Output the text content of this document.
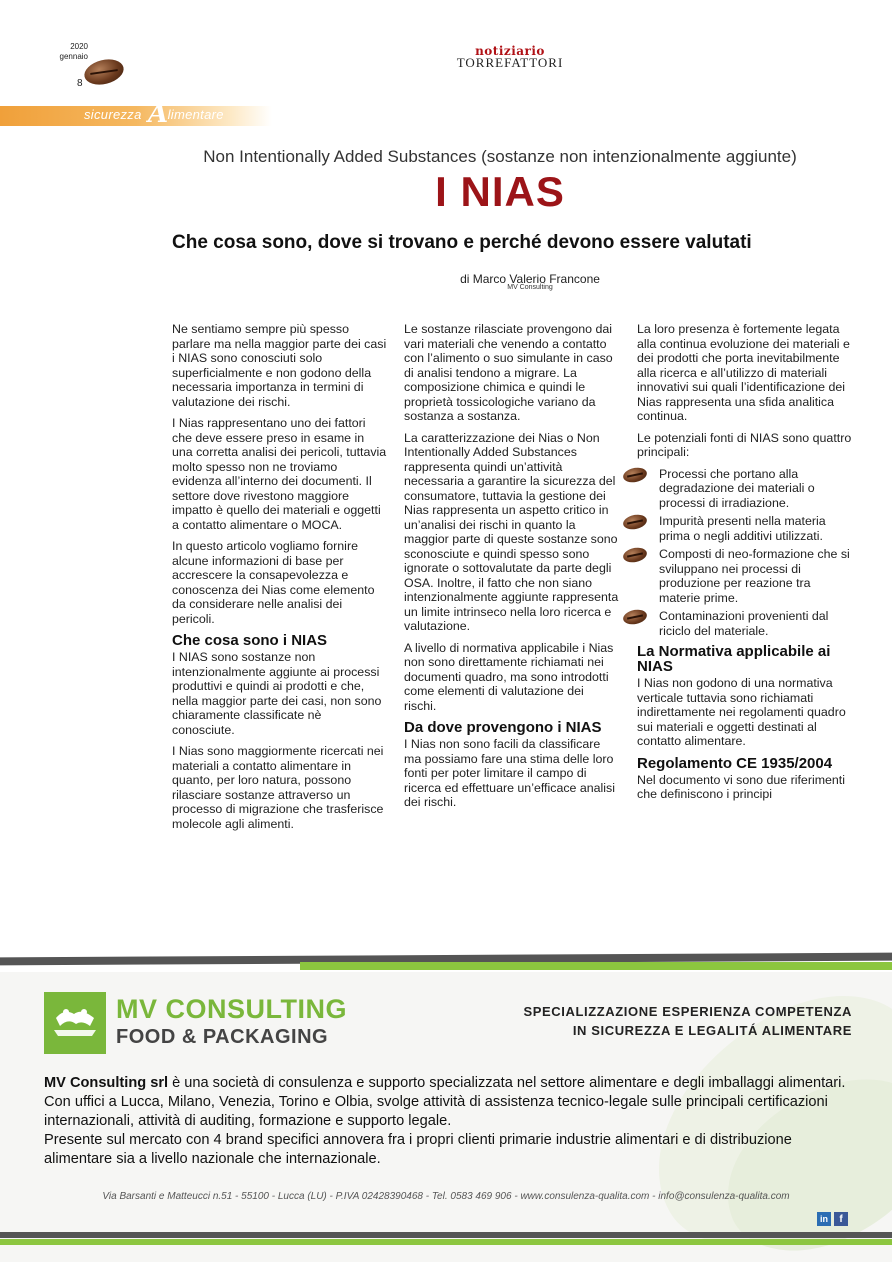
2020
gennaio
8
notiziario
TORREFATTORI
sicurezza limentare
A
Non Intentionally Added Substances (sostanze non intenzionalmente aggiunte)
I NIAS
Che cosa sono, dove si trovano e perché devono essere valutati
di Marco Valerio Francone
MV Consulting

Ne sentiamo sempre più spesso parlare ma nella maggior parte dei casi i NIAS sono conosciuti solo superficialmente e non godono della necessaria importanza in termini di valutazione dei rischi.

I Nias rappresentano uno dei fattori che deve essere preso in esame in una corretta analisi dei pericoli, tuttavia molto spesso non ne troviamo evidenza all’interno dei documenti. Il settore dove rivestono maggiore impatto è quello dei materiali e oggetti a contatto alimentare o MOCA.

In questo articolo vogliamo fornire alcune informazioni di base per accrescere la consapevolezza e conoscenza dei Nias come elemento da considerare nelle analisi dei pericoli.

Che cosa sono i NIAS

I NIAS sono sostanze non intenzionalmente aggiunte ai processi produttivi e quindi ai prodotti e che, nella maggior parte dei casi, non sono chiaramente classificate nè conosciute.

I Nias sono maggiormente ricercati nei materiali a contatto alimentare in quanto, per loro natura, possono rilasciare sostanze attraverso un processo di migrazione che trasferisce molecole agli alimenti.

Le sostanze rilasciate provengono dai vari materiali che venendo a contatto con l’alimento o suo simulante in caso di analisi tendono a migrare. La composizione chimica e quindi le proprietà tossicologiche variano da sostanza a sostanza.

La caratterizzazione dei Nias o Non Intentionally Added Substances rappresenta quindi un’attività necessaria a garantire la sicurezza del consumatore, tuttavia la gestione dei Nias rappresenta un aspetto critico in un’analisi dei rischi in quanto la maggior parte di queste sostanze sono sconosciute e quindi spesso sono ignorate o sottovalutate da parte degli OSA. Inoltre, il fatto che non siano intenzionalmente aggiunte rappresenta un limite intrinseco nella loro ricerca e valutazione.

A livello di normativa applicabile i Nias non sono direttamente richiamati nei documenti quadro, ma sono introdotti come elementi di valutazione dei rischi.

Da dove provengono i NIAS

I Nias non sono facili da classificare ma possiamo fare una stima delle loro fonti per poter limitare il campo di ricerca ed effettuare un’efficace analisi dei rischi.

La loro presenza è fortemente legata alla continua evoluzione dei materiali e dei prodotti che porta inevitabilmente alla ricerca e all’utilizzo di materiali innovativi sui quali l’identificazione dei Nias rappresenta una sfida analitica continua.

Le potenziali fonti di NIAS sono quattro principali:

Processi che portano alla degradazione dei materiali o processi di irradiazione.
Impurità presenti nella materia prima o negli additivi utilizzati.
Composti di neo-formazione che si sviluppano nei processi di produzione per reazione tra materie prime.
Contaminazioni provenienti dal riciclo del materiale.
La Normativa applicabile ai NIAS

I Nias non godono di una normativa verticale tuttavia sono richiamati indirettamente nei regolamenti quadro sui materiali e oggetti destinati al contatto alimentare.

Regolamento CE 1935/2004

Nel documento vi sono due riferimenti che definiscono i principi

MV CONSULTING
FOOD & PACKAGING
SPECIALIZZAZIONE ESPERIENZA COMPETENZA
IN SICUREZZA E LEGALITÁ ALIMENTARE

MV Consulting srl è una società di consulenza e supporto specializzata nel settore alimentare e degli imballaggi alimentari. Con uffici a Lucca, Milano, Venezia, Torino e Olbia, svolge attività di assistenza tecnico-legale sulle principali certificazioni internazionali, attività di auditing, formazione e supporto legale.

Presente sul mercato con 4 brand specifici annovera fra i propri clienti primarie industrie alimentari e di distribuzione alimentare sia a livello nazionale che internazionale.

Via Barsanti e Matteucci n.51 - 55100 - Lucca (LU) - P.IVA 02428390468 - Tel. 0583 469 906 - www.consulenza-qualita.com - info@consulenza-qualita.com
in	f
